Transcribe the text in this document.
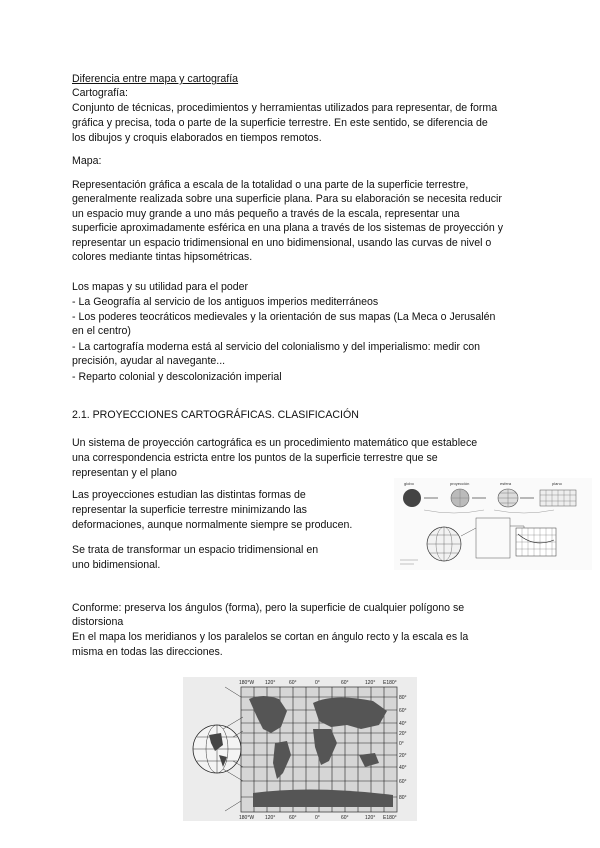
Diferencia entre mapa y cartografía
Cartografía:
Conjunto de técnicas, procedimientos y herramientas utilizados para representar, de forma
gráfica y precisa, toda o parte de la superficie terrestre. En este sentido, se diferencia de
los dibujos y croquis elaborados en tiempos remotos.
Mapa:
Representación gráfica a escala de la totalidad o una parte de la superficie terrestre,
generalmente realizada sobre una superficie plana. Para su elaboración se necesita reducir
un espacio muy grande a uno más pequeño a través de la escala, representar una
superficie aproximadamente esférica en una plana a través de los sistemas de proyección y
representar un espacio tridimensional en uno bidimensional, usando las curvas de nivel o
colores mediante tintas hipsométricas.
Los mapas y su utilidad para el poder
- La Geografía al servicio de los antiguos imperios mediterráneos
- Los poderes teocráticos medievales y la orientación de sus mapas (La Meca o Jerusalén
en el centro)
- La cartografía moderna está al servicio del colonialismo y del imperialismo: medir con
precisión, ayudar al navegante...
- Reparto colonial y descolonización imperial
2.1. PROYECCIONES CARTOGRÁFICAS. CLASIFICACIÓN
Un sistema de proyección cartográfica es un procedimiento matemático que establece
una correspondencia estricta entre los puntos de la superficie terrestre que se
representan y el plano
Las proyecciones estudian las distintas formas de
representar la superficie terrestre minimizando las
deformaciones, aunque normalmente siempre se producen.
Se trata de transformar un espacio tridimensional en
uno bidimensional.
Conforme: preserva los ángulos (forma), pero la superficie de cualquier polígono se
distorsiona
En el mapa los meridianos y los paralelos se cortan en ángulo recto y la escala es la
misma en todas las direcciones.
globo	proyección	esfera	plano
180°W 120°	60°	0°	60°	120° E180°
180°W 120°	60°	0°	60°	120° E180°
80°
60°
40°
20°
0°
20°
40°
60°
80°
